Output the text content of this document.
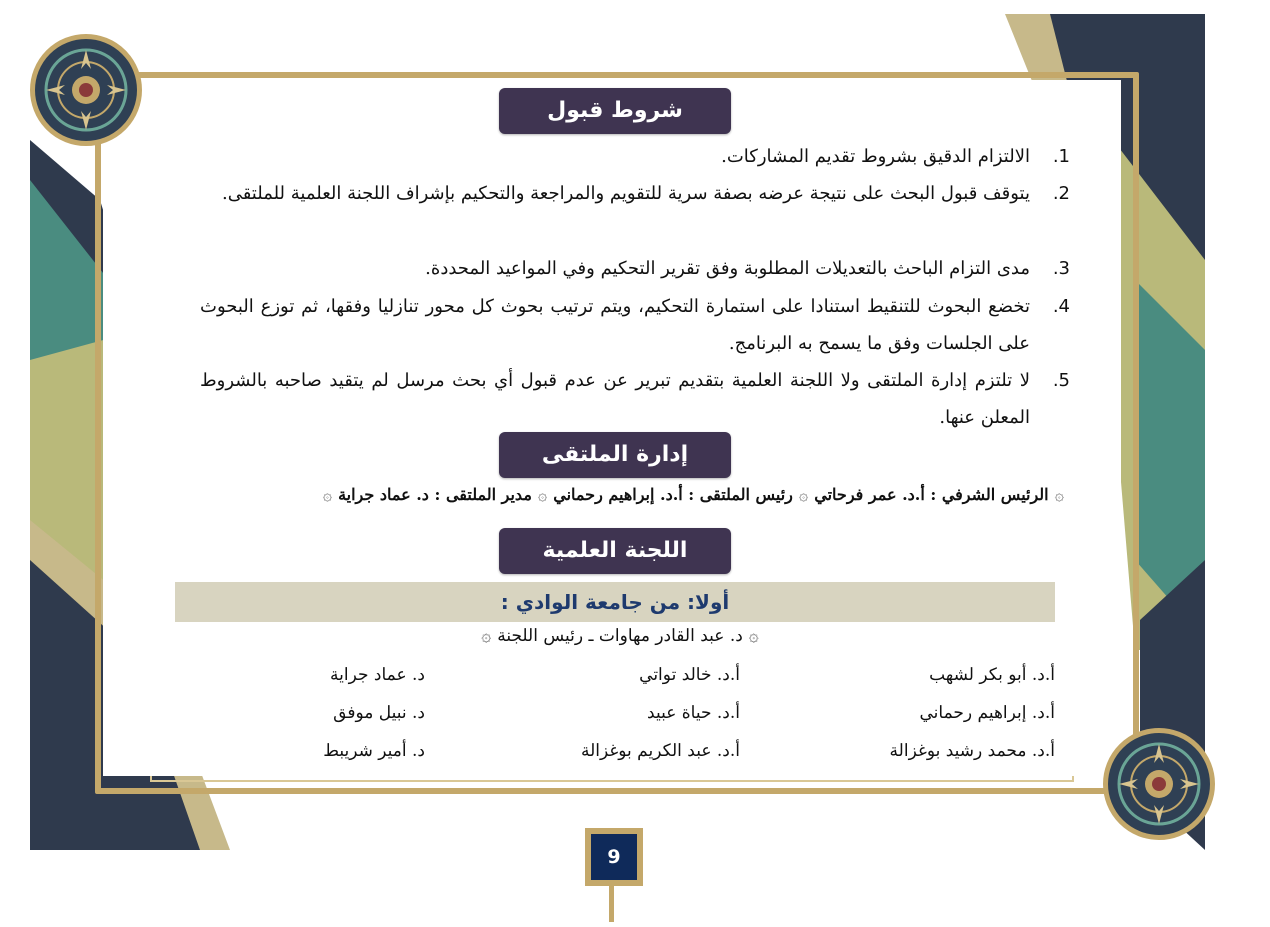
شروط قبول المشاركة	1.
الالتزام الدقيق بشروط تقديم المشاركات.
2.
يتوقف قبول البحث على نتيجة عرضه بصفة سرية للتقويم والمراجعة والتحكيم بإشراف اللجنة العلمية للملتقى.
3.
مدى التزام الباحث بالتعديلات المطلوبة وفق تقرير التحكيم وفي المواعيد المحددة.
4.
تخضع البحوث للتنقيط استنادا على استمارة التحكيم، ويتم ترتيب بحوث كل محور تنازليا وفقها، ثم توزع البحوث على الجلسات وفق ما يسمح به البرنامج.
5.
لا تلتزم إدارة الملتقى ولا اللجنة العلمية بتقديم تبرير عن عدم قبول أي بحث مرسل لم يتقيد صاحبه بالشروط المعلن عنها.
إدارة الملتقى
۞الرئيس الشرفي : أ.د. عمر فرحاتي۞رئيس الملتقى : أ.د. إبراهيم رحماني۞مدير الملتقى : د. عماد جراية۞
اللجنة العلمية
أولا: من جامعة الوادي :
۞د. عبد القادر مهاوات ـ رئيس اللجنة۞
أ.د. أبو بكر لشهب
أ.د. إبراهيم رحماني
أ.د. محمد رشيد بوغزالة
أ.د. خالد تواتي
أ.د. حياة عبيد
أ.د. عبد الكريم بوغزالة
د. عماد جراية
د. نبيل موفق
د. أمير شريبط
9
